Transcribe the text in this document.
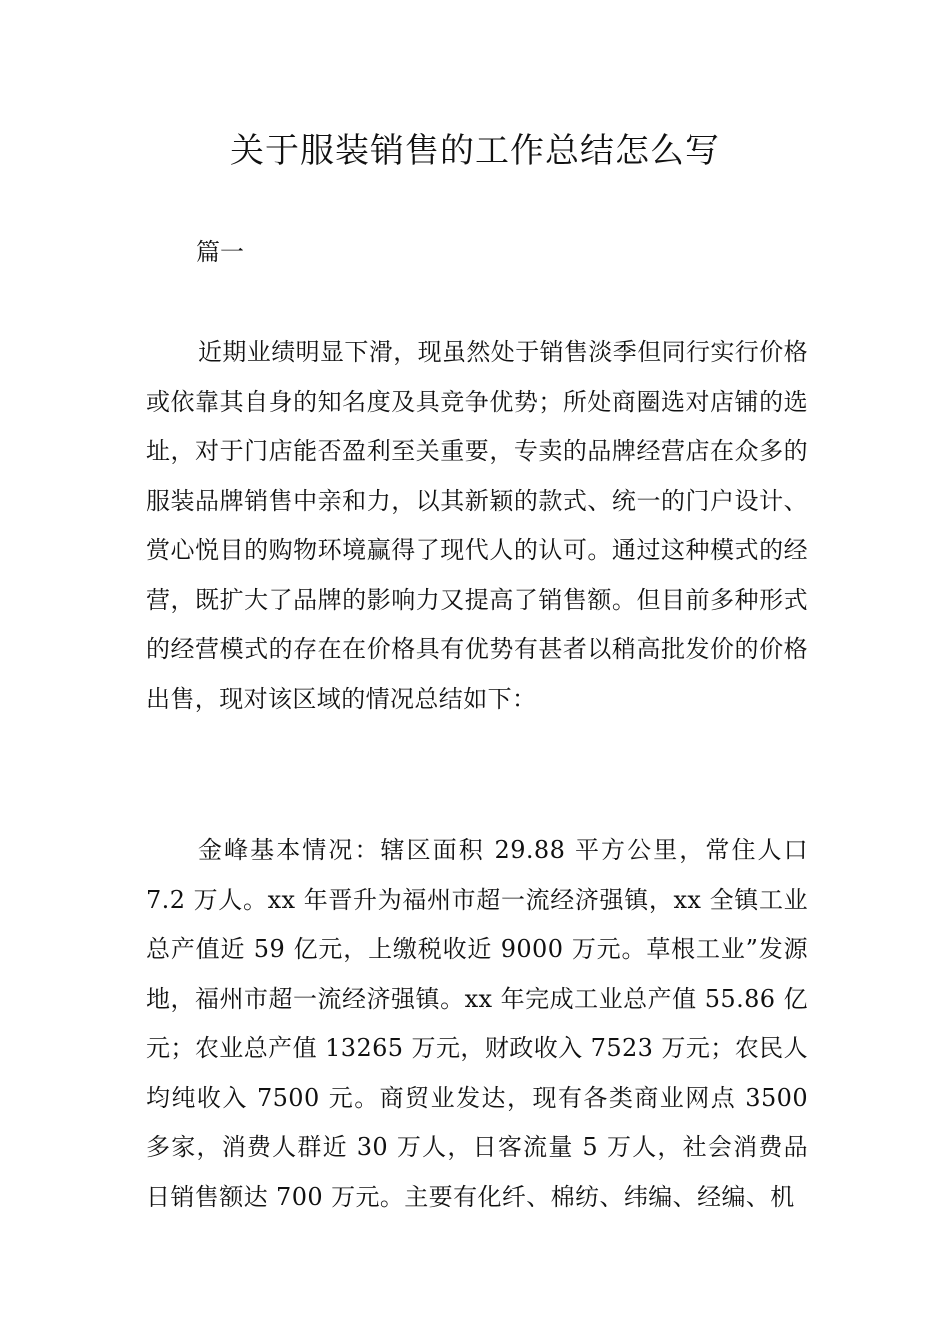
关于服装销售的工作总结怎么写

篇一

近期业绩明显下滑，现虽然处于销售淡季但同行实行价格或依靠其自身的知名度及具竞争优势；所处商圈选对店铺的选址，对于门店能否盈利至关重要，专卖的品牌经营店在众多的服装品牌销售中亲和力，以其新颖的款式、统一的门户设计、赏心悦目的购物环境赢得了现代人的认可。通过这种模式的经营，既扩大了品牌的影响力又提高了销售额。但目前多种形式的经营模式的存在在价格具有优势有甚者以稍高批发价的价格出售，现对该区域的情况总结如下：

金峰基本情况：辖区面积 29.88 平方公里，常住人口 7.2 万人。xx 年晋升为福州市超一流经济强镇，xx 全镇工业总产值近 59 亿元，上缴税收近 9000 万元。草根工业”发源地，福州市超一流经济强镇。xx 年完成工业总产值 55.86 亿元；农业总产值 13265 万元，财政收入 7523 万元；农民人均纯收入 7500 元。商贸业发达，现有各类商业网点 3500 多家，消费人群近 30 万人，日客流量 5 万人，社会消费品日销售额达 700 万元。主要有化纤、棉纺、纬编、经编、机
